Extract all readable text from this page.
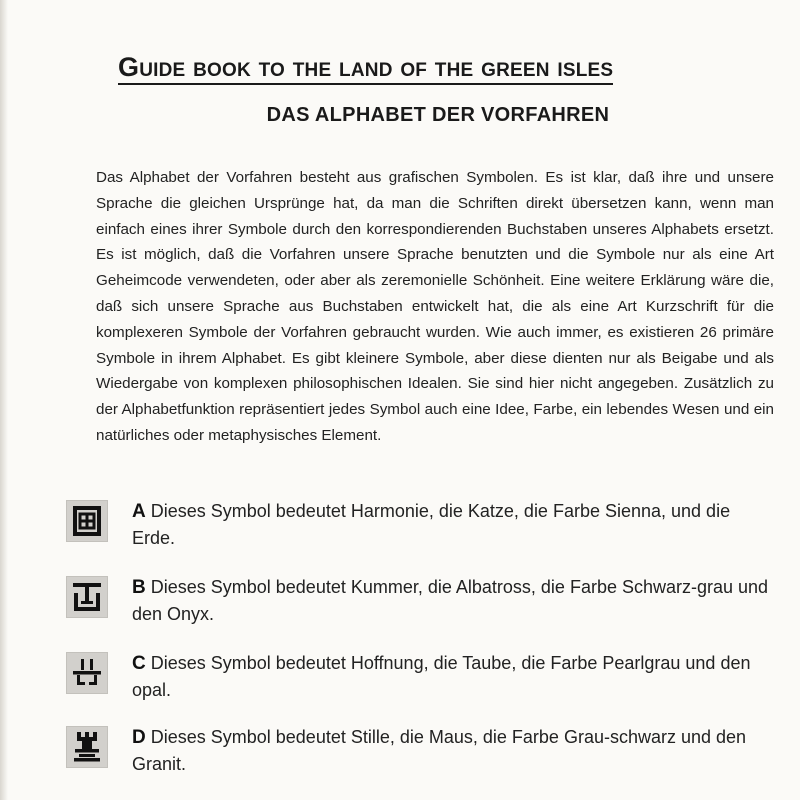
Guide book to the land of the green isles
DAS ALPHABET DER VORFAHREN

Das Alphabet der Vorfahren besteht aus grafischen Symbolen. Es ist klar, daß ihre und unsere Sprache die gleichen Ursprünge hat, da man die Schriften direkt übersetzen kann, wenn man einfach eines ihrer Symbole durch den korrespondierenden Buchstaben unseres Alphabets ersetzt. Es ist möglich, daß die Vorfahren unsere Sprache benutzten und die Symbole nur als eine Art Geheimcode verwendeten, oder aber als zeremonielle Schönheit. Eine weitere Erklärung wäre die, daß sich unsere Sprache aus Buchstaben entwickelt hat, die als eine Art Kurzschrift für die komplexeren Symbole der Vorfahren gebraucht wurden. Wie auch immer, es existieren 26 primäre Symbole in ihrem Alphabet. Es gibt kleinere Symbole, aber diese dienten nur als Beigabe und als Wiedergabe von komplexen philosophischen Idealen. Sie sind hier nicht angegeben. Zusätzlich zu der Alphabetfunktion repräsentiert jedes Symbol auch eine Idee, Farbe, ein lebendes Wesen und ein natürliches oder metaphysisches Element.

A Dieses Symbol bedeutet Harmonie, die Katze, die Farbe Sienna, und die Erde.

B Dieses Symbol bedeutet Kummer, die Albatross, die Farbe Schwarz-grau und den Onyx.

C Dieses Symbol bedeutet Hoffnung, die Taube, die Farbe Pearlgrau und den opal.

D Dieses Symbol bedeutet Stille, die Maus, die Farbe Grau-schwarz und den Granit.
